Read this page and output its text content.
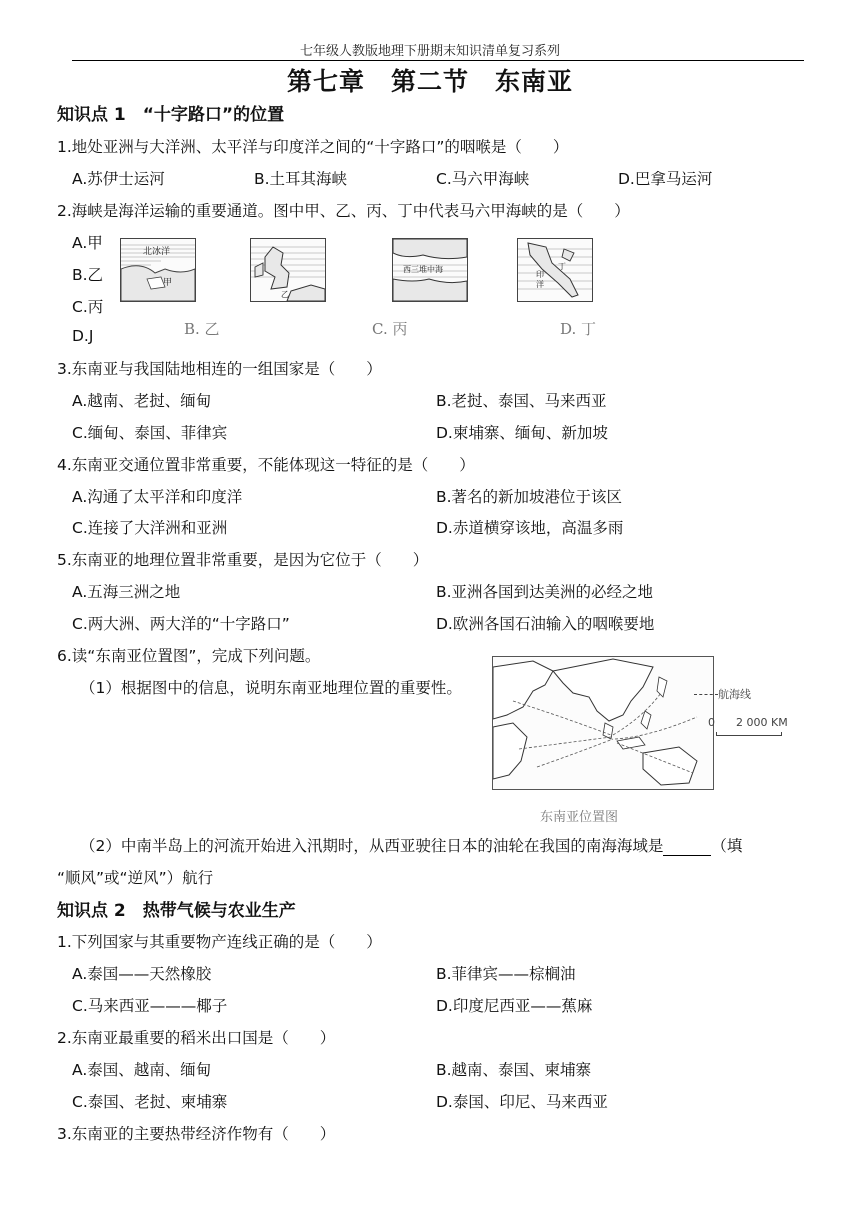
七年级人教版地理下册期末知识清单复习系列
第七章　第二节　东南亚
知识点 1　“十字路口”的位置
1.地处亚洲与大洋洲、太平洋与印度洋之间的“十字路口”的咽喉是（　　）
A.苏伊士运河	B.土耳其海峡	C.马六甲海峡	D.巴拿马运河
2.海峡是海洋运输的重要通道。图中甲、乙、丙、丁中代表马六甲海峡的是（　　）
A.甲
B.乙
C.丙
D.J
北冰洋
甲
乙
西三堆中海
印
洋
丁
B. 乙	C. 丙	D. 丁
3.东南亚与我国陆地相连的一组国家是（　　）
A.越南、老挝、缅甸	B.老挝、泰国、马来西亚
C.缅甸、泰国、菲律宾	D.柬埔寨、缅甸、新加坡
4.东南亚交通位置非常重要，不能体现这一特征的是（　　）
A.沟通了太平洋和印度洋	B.著名的新加坡港位于该区
C.连接了大洋洲和亚洲	D.赤道横穿该地，高温多雨
5.东南亚的地理位置非常重要，是因为它位于（　　）
A.五海三洲之地	B.亚洲各国到达美洲的必经之地
C.两大洲、两大洋的“十字路口”	D.欧洲各国石油输入的咽喉要地
6.读“东南亚位置图”，完成下列问题。
（1）根据图中的信息，说明东南亚地理位置的重要性。	航海线
0 2 000 KM
东南亚位置图
（2）中南半岛上的河流开始进入汛期时，从西亚驶往日本的油轮在我国的南海海域是	（填
“顺风”或“逆风”）航行
知识点 2　热带气候与农业生产
1.下列国家与其重要物产连线正确的是（　　）
A.泰国——天然橡胶	B.菲律宾——棕榈油
C.马来西亚———椰子	D.印度尼西亚——蕉麻
2.东南亚最重要的稻米出口国是（　　）
A.泰国、越南、缅甸	B.越南、泰国、柬埔寨
C.泰国、老挝、柬埔寨	D.泰国、印尼、马来西亚
3.东南亚的主要热带经济作物有（　　）
